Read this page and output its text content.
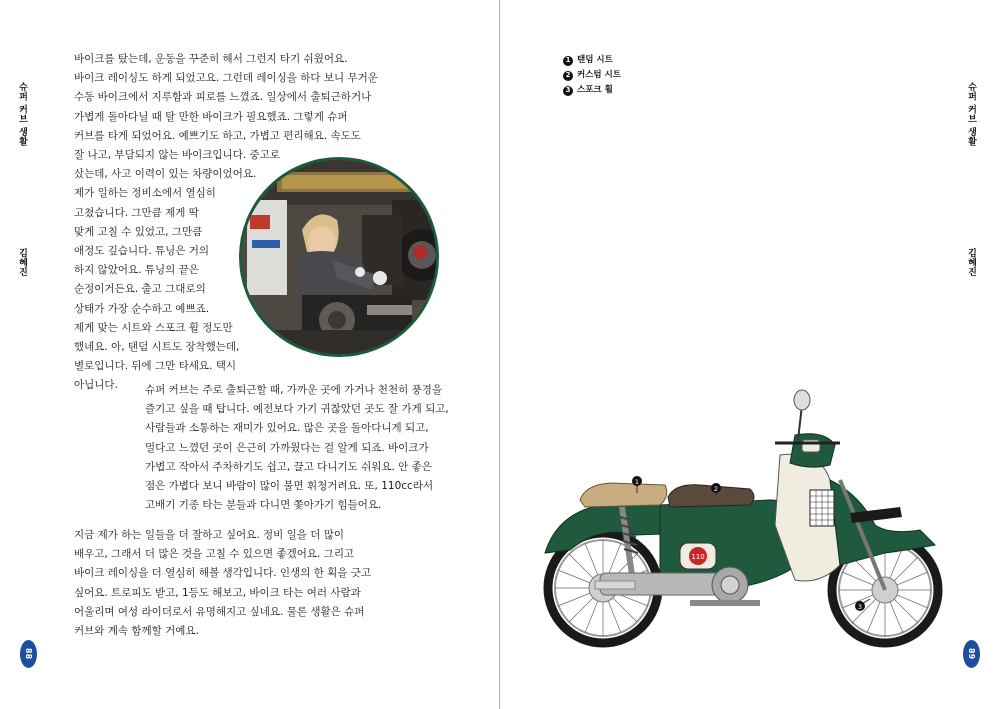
슈퍼 커브 생활
김혜진
88
바이크를 탔는데, 운동을 꾸준히 해서 그런지 타기 쉬웠어요.
바이크 레이싱도 하게 되었고요. 그런데 레이싱을 하다 보니 무거운
수동 바이크에서 지루함과 피로를 느꼈죠. 일상에서 출퇴근하거나
가볍게 돌아다닐 때 탈 만한 바이크가 필요했죠. 그렇게 슈퍼
커브를 타게 되었어요. 예쁘기도 하고, 가볍고 편리해요. 속도도
잘 나고, 부담되지 않는 바이크입니다. 중고로
샀는데, 사고 이력이 있는 차량이었어요.
제가 일하는 정비소에서 열심히
고쳤습니다. 그만큼 제게 딱
맞게 고칠 수 있었고, 그만큼
애정도 깊습니다. 튜닝은 거의
하지 않았어요. 튜닝의 끝은
순정이거든요. 출고 그대로의
상태가 가장 순수하고 예쁘죠.
제게 맞는 시트와 스포크 휠 정도만
했네요. 아, 탠덤 시트도 장착했는데,
별로입니다. 뒤에 그만 타세요. 택시
아닙니다.	슈퍼 커브는 주로 출퇴근할 때, 가까운 곳에 가거나 천천히 풍경을
즐기고 싶을 때 탑니다. 예전보다 가기 귀찮았던 곳도 잘 가게 되고,
사람들과 소통하는 재미가 있어요. 많은 곳을 돌아다니게 되고,
멀다고 느꼈던 곳이 은근히 가까웠다는 걸 알게 되죠. 바이크가
가볍고 작아서 주차하기도 쉽고, 끌고 다니기도 쉬워요. 안 좋은
점은 가볍다 보니 바람이 많이 불면 휘청거려요. 또, 110cc라서
고배기 기종 타는 분들과 다니면 쫓아가기 힘들어요.
지금 제가 하는 일들을 더 잘하고 싶어요. 정비 일을 더 많이
배우고, 그래서 더 많은 것을 고칠 수 있으면 좋겠어요. 그리고
바이크 레이싱을 더 열심히 해볼 생각입니다. 인생의 한 획을 긋고
싶어요. 트로피도 받고, 1등도 해보고, 바이크 타는 여러 사람과
어울리며 여성 라이더로서 유명해지고 싶네요. 물론 생활은 슈퍼
커브와 계속 함께할 거예요.
슈퍼 커브 생활
김혜진
89
1 탠덤 시트
2 커스텀 시트
3 스포크 휠
110
1
2
3
